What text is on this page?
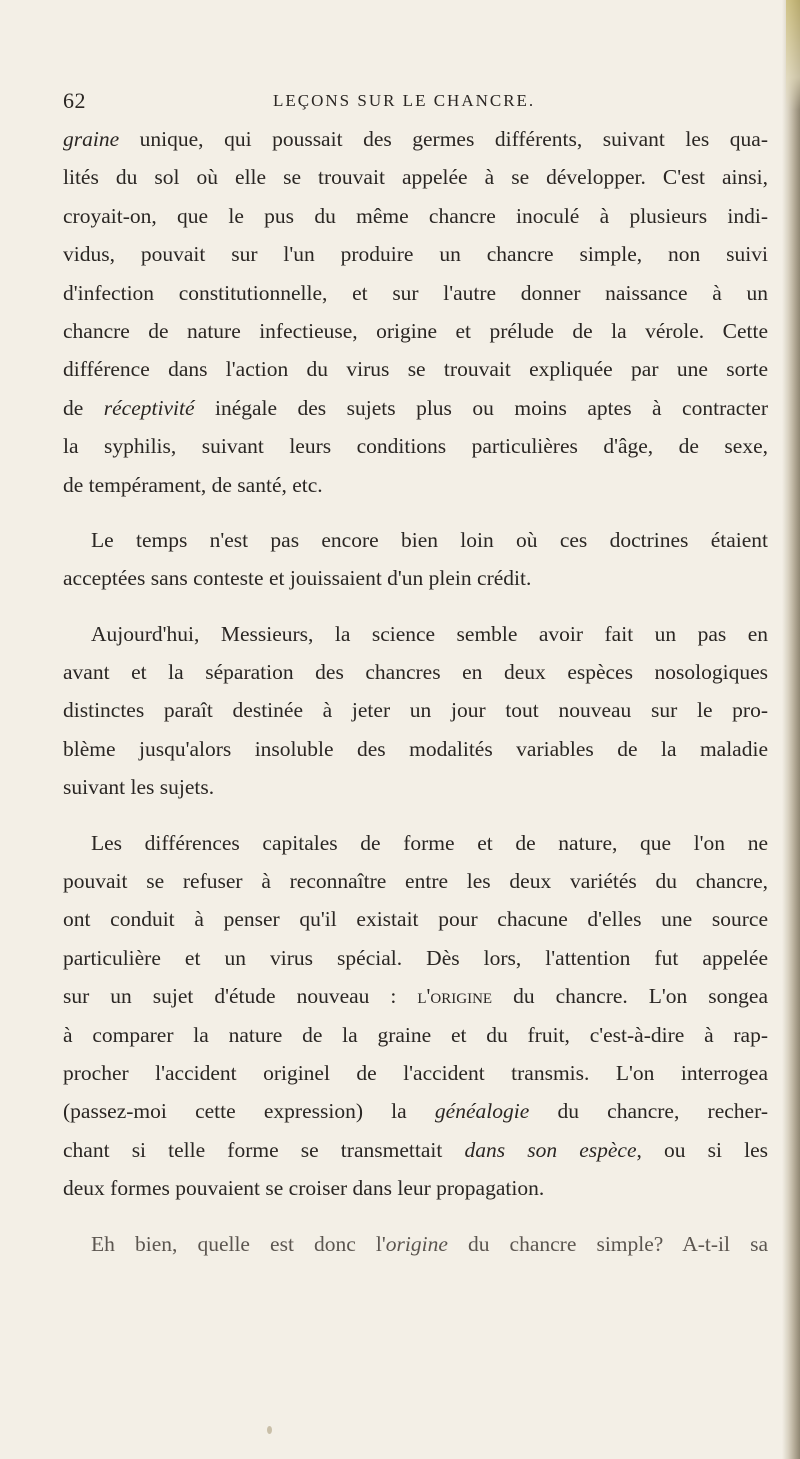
62	LEÇONS SUR LE CHANCRE.
graine unique, qui poussait des germes différents, suivant les qua-
lités du sol où elle se trouvait appelée à se développer. C'est ainsi,
croyait-on, que le pus du même chancre inoculé à plusieurs indi-
vidus, pouvait sur l'un produire un chancre simple, non suivi
d'infection constitutionnelle, et sur l'autre donner naissance à un
chancre de nature infectieuse, origine et prélude de la vérole. Cette
différence dans l'action du virus se trouvait expliquée par une sorte
de réceptivité inégale des sujets plus ou moins aptes à contracter
la syphilis, suivant leurs conditions particulières d'âge, de sexe,
de tempérament, de santé, etc.
Le temps n'est pas encore bien loin où ces doctrines étaient
acceptées sans conteste et jouissaient d'un plein crédit.
Aujourd'hui, Messieurs, la science semble avoir fait un pas en
avant et la séparation des chancres en deux espèces nosologiques
distinctes paraît destinée à jeter un jour tout nouveau sur le pro-
blème jusqu'alors insoluble des modalités variables de la maladie
suivant les sujets.
Les différences capitales de forme et de nature, que l'on ne
pouvait se refuser à reconnaître entre les deux variétés du chancre,
ont conduit à penser qu'il existait pour chacune d'elles une source
particulière et un virus spécial. Dès lors, l'attention fut appelée
sur un sujet d'étude nouveau : l'origine du chancre. L'on songea
à comparer la nature de la graine et du fruit, c'est-à-dire à rap-
procher l'accident originel de l'accident transmis. L'on interrogea
(passez-moi cette expression) la généalogie du chancre, recher-
chant si telle forme se transmettait dans son espèce, ou si les
deux formes pouvaient se croiser dans leur propagation.
Eh bien, quelle est donc l'origine du chancre simple? A-t-il sa
